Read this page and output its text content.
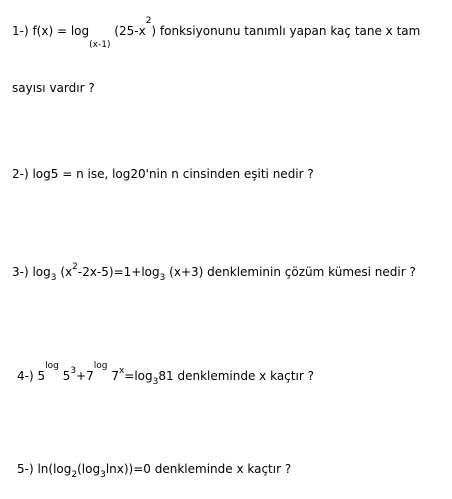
1-) $f(x) = \log_{(x-1)} (25-x^2)$ fonksiyonunu tanımlı yapan kaç tane x tam
sayısı vardır ?
2-) log5 = n ise, log20'nin n cinsinden eşiti nedir ?
3-) $\log_3 (x^2-2x-5)=1+\log_3$ (x+3) denkleminin çözüm kümesi nedir ?
4-) $5^{log}$ $5^3+7^{log}$ $7^x=\log_381$ denkleminde x kaçtır ?
5-) $\ln(\log_2(\log_3\ln x))=0$ denkleminde x kaçtır ?
